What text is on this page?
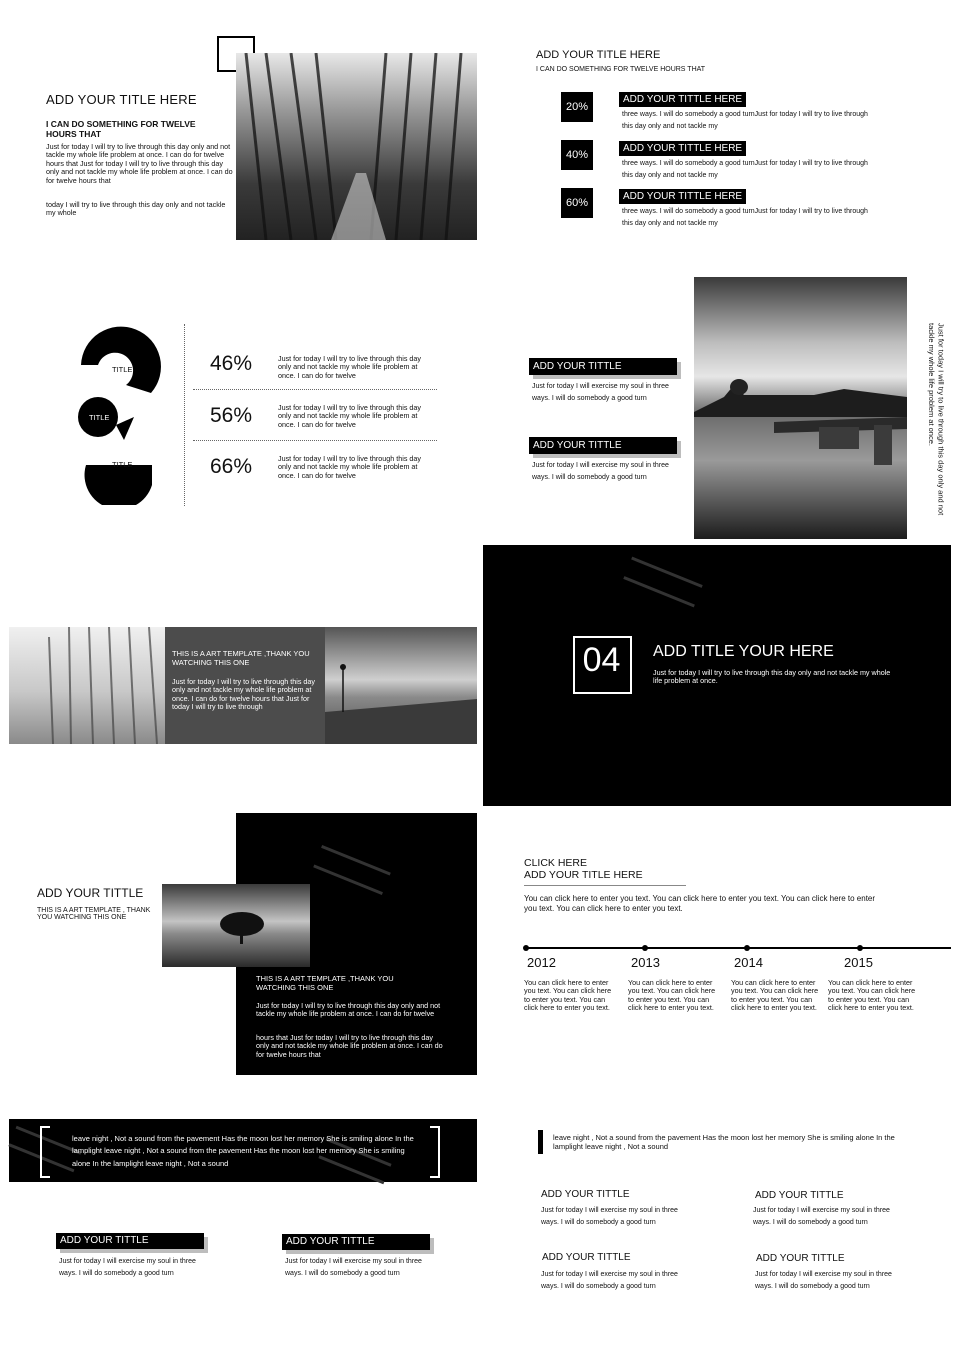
ADD YOUR TITLE HERE
I CAN DO SOMETHING FOR TWELVE HOURS THAT
Just for today I will try to live through this day only and not tackle my whole life problem at once. I can do for twelve hours that Just for today I will try to live through this day only and not tackle my whole life problem at once. I can do for twelve hours that
today I will try to live through this day only and not tackle my whole
ADD YOUR TITLE HERE
I CAN DO SOMETHING FOR TWELVE HOURS THAT
20%
ADD YOUR TITTLE HERE
three ways. I will do somebody a good turnJust for today I will try to live through this day only and not tackle my
40%
ADD YOUR TITTLE HERE
three ways. I will do somebody a good turnJust for today I will try to live through this day only and not tackle my
60%
ADD YOUR TITTLE HERE
three ways. I will do somebody a good turnJust for today I will try to live through this day only and not tackle my
TITLE
TITLE
TITLE
46%	Just for today I will try to live through this day only and not tackle my whole life problem at once. I can do for twelve
56%	Just for today I will try to live through this day only and not tackle my whole life problem at once. I can do for twelve
66%	Just for today I will try to live through this day only and not tackle my whole life problem at once. I can do for twelve
ADD YOUR TITTLE
Just for today I will exercise my soul in three ways. I will do somebody a good turn
ADD YOUR TITTLE
Just for today I will exercise my soul in three ways. I will do somebody a good turn	Just for today I will try to live through this day only and not tackle my whole life problem at once.
THIS IS A ART TEMPLATE ,THANK YOU WATCHING THIS ONE
Just for today I will try to live through this day only and not tackle my whole life problem at once. I can do for twelve hours that Just for today I will try to live through
04	ADD TITLE YOUR HERE
Just for today I will try to live through this day only and not tackle my whole life problem at once.
ADD YOUR TITTLE
THIS IS A ART TEMPLATE , THANK YOU WATCHING THIS ONE
THIS IS A ART TEMPLATE ,THANK YOU WATCHING THIS ONE
Just for today I will try to live through this day only and not tackle my whole life problem at once. I can do for twelve
hours that Just for today I will try to live through this day only and not tackle my whole life problem at once. I can do for twelve hours that
CLICK HERE
ADD YOUR TITLE HERE
You can click here to enter you text. You can click here to enter you text. You can click here to enter you text. You can click here to enter you text.
2012
You can click here to enter you text. You can click here to enter you text. You can click here to enter you text.
2013
You can click here to enter you text. You can click here to enter you text. You can click here to enter you text.
2014
You can click here to enter you text. You can click here to enter you text. You can click here to enter you text.
2015
You can click here to enter you text. You can click here to enter you text. You can click here to enter you text.
leave night , Not a sound from the pavement Has the moon lost her memory She is smiling alone In the lamplight leave night , Not a sound from the pavement Has the moon lost her memory She is smiling alone In the lamplight leave night , Not a sound
ADD YOUR TITTLE
Just for today I will exercise my soul in three ways. I will do somebody a good turn
ADD YOUR TITTLE
Just for today I will exercise my soul in three ways. I will do somebody a good turn
leave night , Not a sound from the pavement Has the moon lost her memory She is smiling alone In the lamplight leave night , Not a sound
ADD YOUR TITTLE
Just for today I will exercise my soul in three ways. I will do somebody a good turn
ADD YOUR TITTLE
Just for today I will exercise my soul in three ways. I will do somebody a good turn
ADD YOUR TITTLE
Just for today I will exercise my soul in three ways. I will do somebody a good turn
ADD YOUR TITTLE
Just for today I will exercise my soul in three ways. I will do somebody a good turn
